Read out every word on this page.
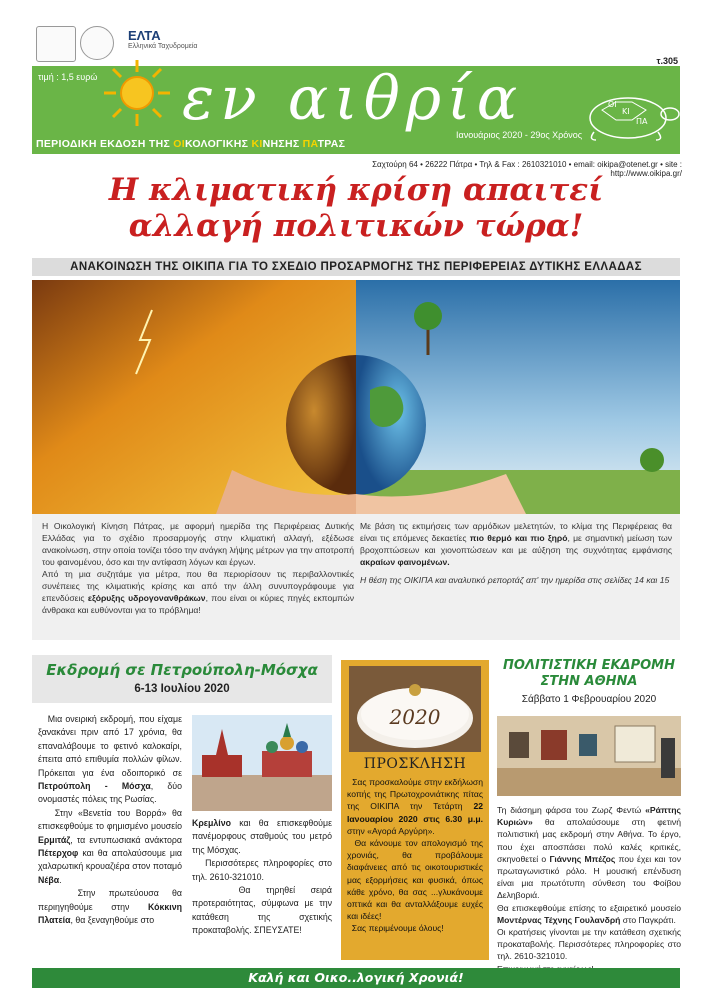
ΕΛΤΑ
Ελληνικά Ταχυδρομεία
τ.305
τιμή : 1,5 ευρώ εν αιθρία	ΟΙ
ΚΙ
ΠΑ
Ιανουάριος 2020 - 29ος Χρόνος
ΠΕΡΙΟΔΙΚΗ ΕΚΔΟΣΗ ΤΗΣ ΟΙΚΟΛΟΓΙΚΗΣ ΚΙΝΗΣΗΣ ΠΑΤΡΑΣ
Σαχτούρη 64 • 26222 Πάτρα • Τηλ & Fax : 2610321010 • email: oikipa@otenet.gr • site : http://www.oikipa.gr/
Η κλιματική κρίση απαιτεί
αλλαγή πολιτικών τώρα!
ΑΝΑΚΟΙΝΩΣΗ ΤΗΣ ΟΙΚΙΠΑ ΓΙΑ ΤΟ ΣΧΕΔΙΟ ΠΡΟΣΑΡΜΟΓΗΣ ΤΗΣ ΠΕΡΙΦΕΡΕΙΑΣ ΔΥΤΙΚΗΣ ΕΛΛΑΔΑΣ

Η Οικολογική Κίνηση Πάτρας, με αφορμή ημερίδα της Περιφέρειας Δυτικής Ελλάδας για το σχέδιο προσαρμογής στην κλιματική αλλαγή, εξέδωσε ανακοίνωση, στην οποία τονίζει τόσο την ανάγκη λήψης μέτρων για την αποτροπή του φαινομένου, όσο και την αντίφαση λόγων και έργων.

Από τη μια συζητάμε για μέτρα, που θα περιορίσουν τις περιβαλλοντικές συνέπειες της κλιματικής κρίσης και από την άλλη συνυπογράφουμε για επενδύσεις εξόρυξης υδρογονανθράκων, που είναι οι κύριες πηγές εκπομπών άνθρακα και ευθύνονται για το πρόβλημα!

Με βάση τις εκτιμήσεις των αρμόδιων μελετητών, το κλίμα της Περιφέρειας θα είναι τις επόμενες δεκαετίες πιο θερμό και πιο ξηρό, με σημαντική μείωση των βροχοπτώσεων και χιονοπτώσεων και με αύξηση της συχνότητας εμφάνισης ακραίων φαινομένων.

Η θέση της ΟΙΚΙΠΑ και αναλυτικό ρεπορτάζ απ' την ημερίδα στις σελίδες 14 και 15

Εκδρομή σε Πετρούπολη-Μόσχα
6-13 Ιουλίου 2020

Μια ονειρική εκδρομή, που είχαμε ξανακάνει πριν από 17 χρόνια, θα επαναλάβουμε το φετινό καλοκαίρι, έπειτα από επιθυμία πολλών φίλων. Πρόκειται για ένα οδοιπορικό σε Πετρούπολη - Μόσχα, δύο ονομαστές πόλεις της Ρωσίας.

Στην «Βενετία του Βορρά» θα επισκεφθούμε το φημισμένο μουσείο Ερμιτάζ, τα εντυπωσιακά ανάκτορα Πέτερχοφ και θα απολαύσουμε μια χαλαρωτική κρουαζιέρα στον ποταμό Νέβα.

Στην πρωτεύουσα θα περιηγηθούμε στην Κόκκινη Πλατεία, θα ξεναγηθούμε στο

Κρεμλίνο και θα επισκεφθούμε πανέμορφους σταθμούς του μετρό της Μόσχας.

Περισσότερες πληροφορίες στο τηλ. 2610-321010.

Θα τηρηθεί σειρά προτεραιότητας, σύμφωνα με την κατάθεση της σχετικής προκαταβολής. ΣΠΕΥΣΑΤΕ!

2020
ΠΡΟΣΚΛΗΣΗ

Σας προσκαλούμε στην εκδήλωση κοπής της Πρωτοχρονιάτικης πίτας της ΟΙΚΙΠΑ την Τετάρτη 22 Ιανουαρίου 2020 στις 6.30 μ.μ. στην «Αγορά Αργύρη».

Θα κάνουμε τον απολογισμό της χρονιάς, θα προβάλουμε διαφάνειες από τις οικοτουριστικές μας εξορμήσεις και φυσικά, όπως κάθε χρόνο, θα σας ...γλυκάνουμε οπτικά και θα ανταλλάξουμε ευχές και ιδέες!

Σας περιμένουμε όλους!

ΠΟΛΙΤΙΣΤΙΚΗ ΕΚΔΡΟΜΗ
ΣΤΗΝ ΑΘΗΝΑ
Σάββατο 1 Φεβρουαρίου 2020

Τη διάσημη φάρσα του Ζωρζ Φεντώ «Ράπτης Κυριών» θα απολαύσουμε στη φετινή πολιτιστική μας εκδρομή στην Αθήνα. Το έργο, που έχει αποσπάσει πολύ καλές κριτικές, σκηνοθετεί ο Γιάννης Μπέζος που έχει και τον πρωταγωνιστικό ρόλο. Η μουσική επένδυση είναι μια πρωτότυπη σύνθεση του Φοίβου Δεληβοριά.

Θα επισκεφθούμε επίσης το εξαιρετικό μουσείο Μοντέρνας Τέχνης Γουλανδρή στο Παγκράτι.

Οι κρατήσεις γίνονται με την κατάθεση σχετικής προκαταβολής. Περισσότερες πληροφορίες στο τηλ. 2610-321010.

Καλή και Οικο..λογική Χρονιά!
